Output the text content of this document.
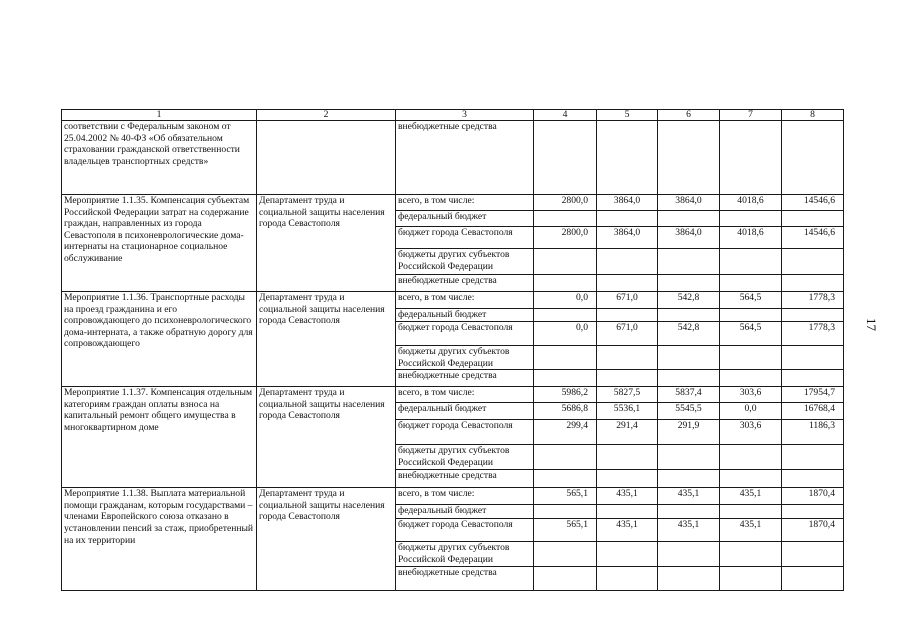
1	2	3	4	5	6	7	8
соответствии с Федеральным законом от 25.04.2002 № 40-ФЗ «Об обязательном страховании гражданской ответственности владельцев транспортных средств»		внебюджетные средства					
Мероприятие 1.1.35. Компенсация субъектам Российской Федерации затрат на содержание граждан, направленных из города Севастополя в психоневрологические дома-интернаты на стационарное социальное обслуживание	Департамент труда и социальной защиты населения города Севастополя	всего, в том числе:	2800,0	3864,0	3864,0	4018,6	14546,6
		федеральный бюджет					
		бюджет города Севастополя	2800,0	3864,0	3864,0	4018,6	14546,6
		бюджеты других субъектов Российской Федерации					
		внебюджетные средства					
Мероприятие 1.1.36. Транспортные расходы на проезд гражданина и его сопровождающего до психоневрологического дома-интерната, а также обратную дорогу для сопровождающего	Департамент труда и социальной защиты населения города Севастополя	всего, в том числе:	0,0	671,0	542,8	564,5	1778,3
		федеральный бюджет					
		бюджет города Севастополя	0,0	671,0	542,8	564,5	1778,3
		бюджеты других субъектов Российской Федерации					
		внебюджетные средства					
Мероприятие 1.1.37. Компенсация отдельным категориям граждан оплаты взноса на капитальный ремонт общего имущества в многоквартирном доме	Департамент труда и социальной защиты населения города Севастополя	всего, в том числе:	5986,2	5827,5	5837,4	303,6	17954,7
		федеральный бюджет	5686,8	5536,1	5545,5	0,0	16768,4
		бюджет города Севастополя	299,4	291,4	291,9	303,6	1186,3
		бюджеты других субъектов Российской Федерации					
		внебюджетные средства					
Мероприятие 1.1.38. Выплата материальной помощи гражданам, которым государствами – членами Европейского союза отказано в установлении пенсий за стаж, приобретенный на их территории	Департамент труда и социальной защиты населения города Севастополя	всего, в том числе:	565,1	435,1	435,1	435,1	1870,4
		федеральный бюджет					
		бюджет города Севастополя	565,1	435,1	435,1	435,1	1870,4
		бюджеты других субъектов Российской Федерации					
		внебюджетные средства					
17
